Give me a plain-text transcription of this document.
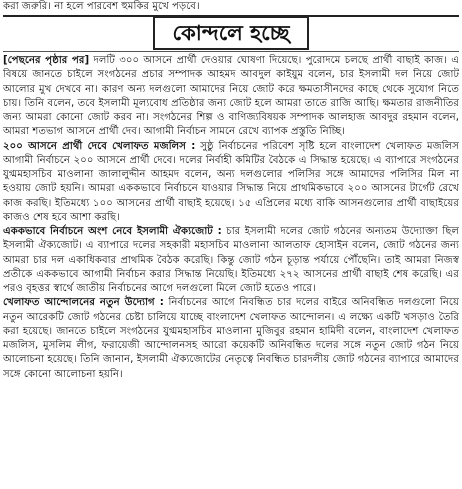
করা জরুরি। না হলে পারবেশ হুমকির মুখে পড়বে।
কোন্দলে হচ্ছে

[পেছনের পৃষ্ঠার পর] দলটি ৩০০ আসনে প্রার্থী দেওয়ার ঘোষণা দিয়েছে। পুরোদমে চলছে প্রার্থী বাছাই কাজ। এ বিষয়ে জানতে চাইলে সংগঠনের প্রচার সম্পাদক আহমদ আবদুল কাইয়ুম বলেন, চার ইসলামী দল নিয়ে জোট আলোর মুখ দেখবে না। কারণ অন্য দলগুলো আমাদের নিয়ে জোট করে ক্ষমতাসীনদের কাছে থেকে সুযোগ নিতে চায়। তিনি বলেন, তবে ইসলামী মূল্যবোধ প্রতিষ্ঠার জন্য জোট হলে আমরা তাতে রাজি আছি। ক্ষমতার রাজনীতির জন্য আমরা কোনো জোট করব না। সংগঠনের শিল্প ও বাণিজ্যবিষয়ক সম্পাদক আলহাজ আবদুর রহমান বলেন, আমরা শতভাগ আসনে প্রার্থী দেব। আগামী নির্বাচন সামনে রেখে ব্যাপক প্রস্তুতি নিচ্ছি।

২০০ আসনে প্রার্থী দেবে খেলাফত মজলিস : সুষ্ঠু নির্বাচনের পরিবেশ সৃষ্টি হলে বাংলাদেশ খেলাফত মজলিস আগামী নির্বাচনে ২০০ আসনে প্রার্থী দেবে। দলের নির্বাহী কমিটির বৈঠকে এ সিদ্ধান্ত হয়েছে। এ ব্যাপারে সংগঠনের যুগ্মমহাসচিব মাওলানা জালালুদ্দীন আহমদ বলেন, অন্য দলগুলোর পলিসির সঙ্গে আমাদের পলিসির মিল না হওয়ায় জোট হয়নি। আমরা এককভাবে নির্বাচনে যাওয়ার সিদ্ধান্ত নিয়ে প্রাথমিকভাবে ২০০ আসনের টার্গেট রেখে কাজ করছি। ইতিমধ্যে ১০০ আসনের প্রার্থী বাছাই হয়েছে। ১৫ এপ্রিলের মধ্যে বাকি আসনগুলোর প্রার্থী বাছাইয়ের কাজও শেষ হবে আশা করছি।

এককভাবে নির্বাচনে অংশ নেবে ইসলামী ঐক্যজোট : চার ইসলামী দলের জোট গঠনের অন্যতম উদ্যোক্তা ছিল ইসলামী ঐক্যজোট। এ ব্যাপারে দলের সহকারী মহাসচিব মাওলানা আলতাফ হোসাইন বলেন, জোট গঠনের জন্য আমরা চার দল একাধিকবার প্রাথমিক বৈঠক করেছি। কিন্তু জোট গঠন চূড়ান্ত পর্যায়ে পৌঁছেনি। তাই আমরা নিজস্ব প্রতীকে এককভাবে আগামী নির্বাচন করার সিদ্ধান্ত নিয়েছি। ইতিমধ্যে ২৭২ আসনের প্রার্থী বাছাই শেষ করেছি। এর পরও বৃহত্তর স্বার্থে জাতীয় নির্বাচনের আগে দলগুলো মিলে জোট হতেও পারে।

খেলাফত আন্দোলনের নতুন উদ্যোগ : নির্বাচনের আগে নিবন্ধিত চার দলের বাইরে অনিবন্ধিত দলগুলো নিয়ে নতুন আরেকটি জোট গঠনের চেষ্টা চালিয়ে যাচ্ছে বাংলাদেশ খেলাফত আন্দোলন। এ লক্ষ্যে একটি খসড়াও তৈরি করা হয়েছে। জানতে চাইলে সংগঠনের যুগ্মমহাসচিব মাওলানা মুজিবুর রহমান হামিদী বলেন, বাংলাদেশ খেলাফত মজলিস, মুসলিম লীগ, ফরায়েজী আন্দোলনসহ আরো কয়েকটি অনিবন্ধিত দলের সঙ্গে নতুন জোট গঠন নিয়ে আলোচনা হয়েছে। তিনি জানান, ইসলামী ঐক্যজোটের নেতৃত্বে নিবন্ধিত চারদলীয় জোট গঠনের ব্যাপারে আমাদের সঙ্গে কোনো আলোচনা হয়নি।
